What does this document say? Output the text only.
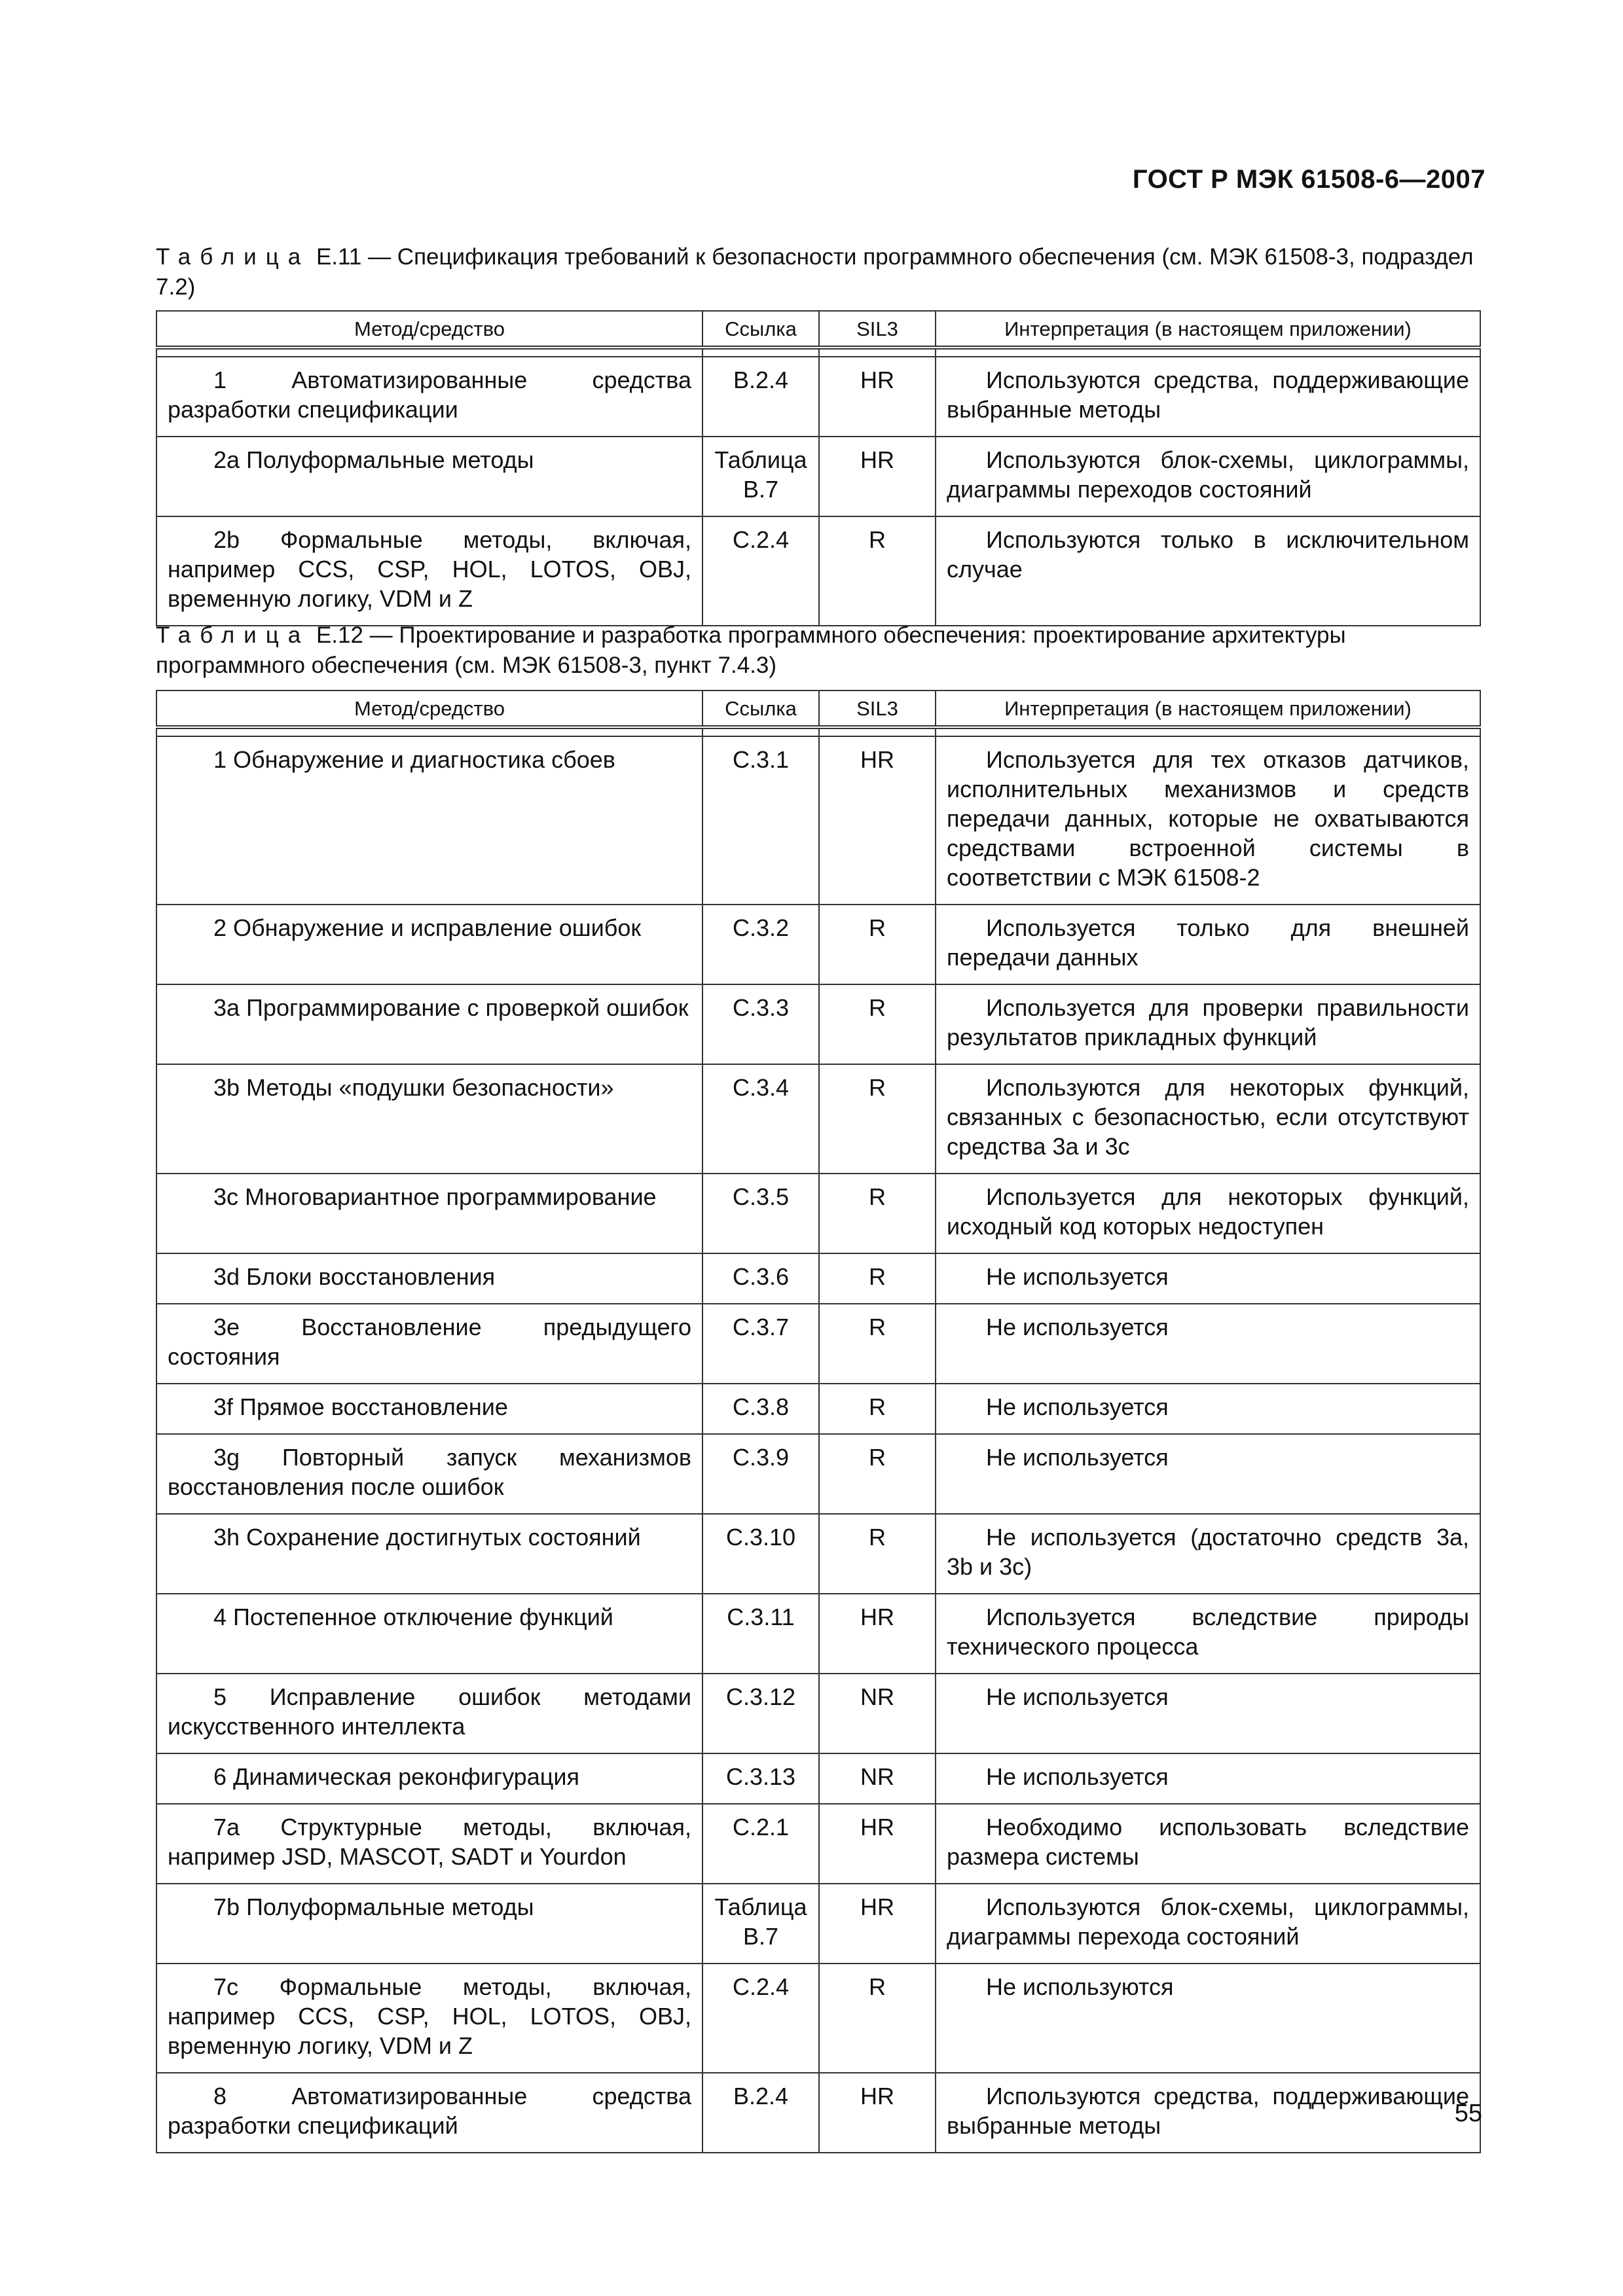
ГОСТ Р МЭК 61508-6—2007
Таблица Е.11 — Спецификация требований к безопасности программного обеспечения (см. МЭК 61508-3, подраздел 7.2)
Метод/средство	Ссылка	SIL3	Интерпретация (в настоящем приложении)

1 Автоматизированные средства разработки спецификации	B.2.4	HR	Используются средства, поддерживающие выбранные методы
2а Полуформальные методы	Таблица B.7	HR	Используются блок-схемы, циклограммы, диаграммы переходов состояний
2b Формальные методы, включая, например CCS, CSP, HOL, LOTOS, OBJ, временную логику, VDM и Z	C.2.4	R	Используются только в исключительном случае
Таблица Е.12 — Проектирование и разработка программного обеспечения: проектирование архитектуры программного обеспечения (см. МЭК 61508-3, пункт 7.4.3)
Метод/средство	Ссылка	SIL3	Интерпретация (в настоящем приложении)

1 Обнаружение и диагностика сбоев	C.3.1	HR	Используется для тех отказов датчиков, исполнительных механизмов и средств передачи данных, которые не охватываются средствами встроенной системы в соответствии с МЭК 61508-2
2 Обнаружение и исправление ошибок	C.3.2	R	Используется только для внешней передачи данных
3а Программирование с проверкой ошибок	C.3.3	R	Используется для проверки правильности результатов прикладных функций
3b Методы «подушки безопасности»	C.3.4	R	Используются для некоторых функций, связанных с безопасностью, если отсутствуют средства 3а и 3с
3с Многовариантное программирование	C.3.5	R	Используется для некоторых функций, исходный код которых недоступен
3d Блоки восстановления	C.3.6	R	Не используется
3е Восстановление предыдущего состояния	C.3.7	R	Не используется
3f Прямое восстановление	C.3.8	R	Не используется
3g Повторный запуск механизмов восстановления после ошибок	C.3.9	R	Не используется
3h Сохранение достигнутых состояний	C.3.10	R	Не используется (достаточно средств 3а, 3b и 3с)
4 Постепенное отключение функций	C.3.11	HR	Используется вследствие природы технического процесса
5 Исправление ошибок методами искусственного интеллекта	C.3.12	NR	Не используется
6 Динамическая реконфигурация	C.3.13	NR	Не используется
7а Структурные методы, включая, например JSD, MASCOT, SADT и Yourdon	C.2.1	HR	Необходимо использовать вследствие размера системы
7b Полуформальные методы	Таблица B.7	HR	Используются блок-схемы, циклограммы, диаграммы перехода состояний
7с Формальные методы, включая, например CCS, CSP, HOL, LOTOS, OBJ, временную логику, VDM и Z	C.2.4	R	Не используются
8 Автоматизированные средства разработки спецификаций	B.2.4	HR	Используются средства, поддерживающие выбранные методы	55
